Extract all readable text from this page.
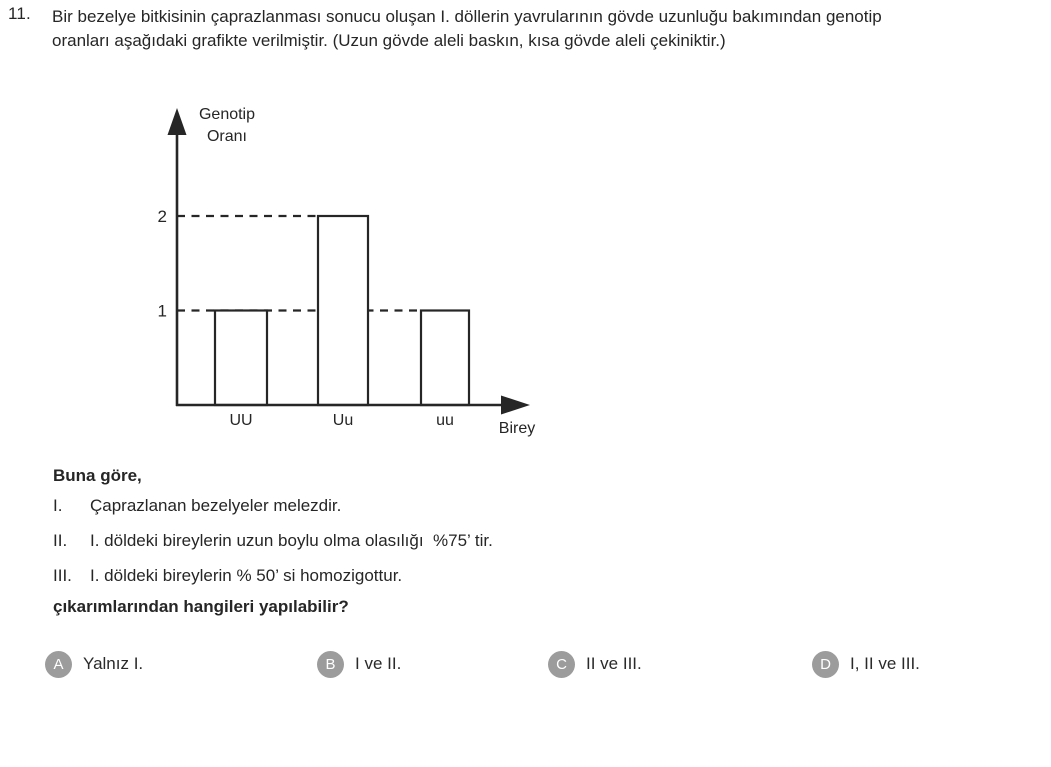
11. Bir bezelye bitkisinin çaprazlanması sonucu oluşan I. döllerin yavrularının gövde uzunluğu bakımından genotip
oranları aşağıdaki grafikte verilmiştir. (Uzun gövde aleli baskın, kısa gövde aleli çekiniktir.)
1
2
UU	Uu	uu
Genotip
Oranı
Birey
Buna göre,
I. Çaprazlanan bezelyeler melezdir.
II. I. döldeki bireylerin uzun boylu olma olasılığı  %75’ tir.
III. I. döldeki bireylerin % 50’ si homozigottur.
çıkarımlarından hangileri yapılabilir?
A	Yalnız I.	B	I ve II.	C	II ve III.	D	I, II ve III.
